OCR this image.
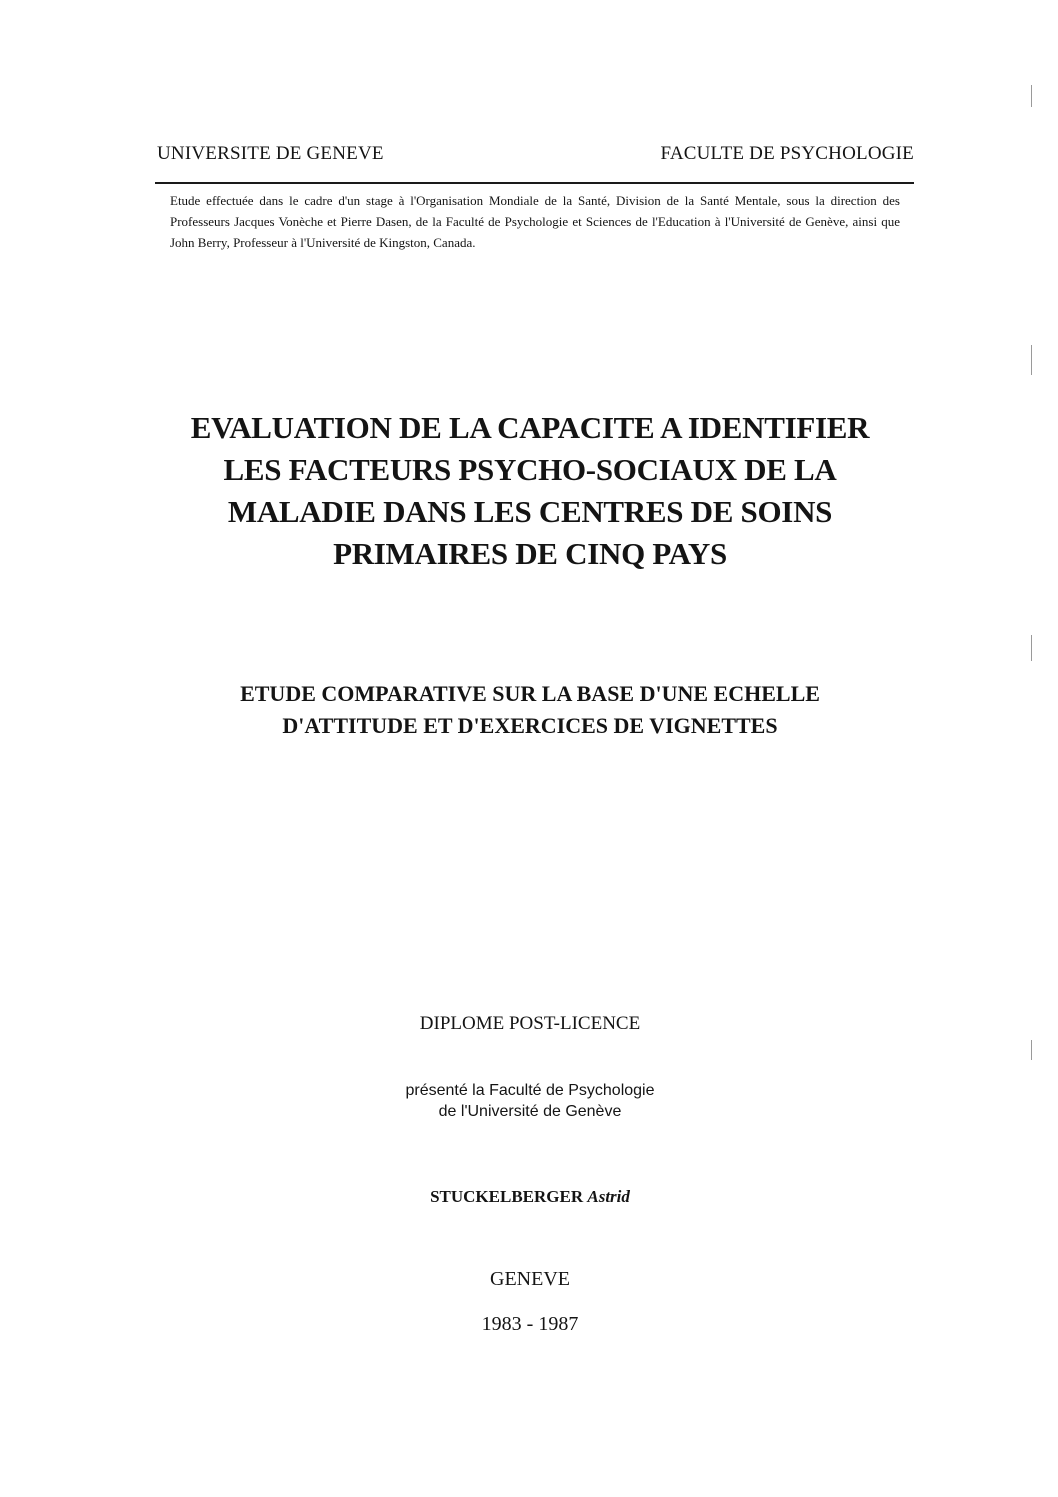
UNIVERSITE DE GENEVE	FACULTE DE PSYCHOLOGIE
Etude effectuée dans le cadre d'un stage à l'Organisation Mondiale de la Santé, Division de la Santé Mentale, sous la direction des Professeurs Jacques Vonèche et Pierre Dasen, de la Faculté de Psychologie et Sciences de l'Education à l'Université de Genève, ainsi que John Berry, Professeur à l'Université de Kingston, Canada.
EVALUATION DE LA CAPACITE A IDENTIFIER
LES FACTEURS PSYCHO-SOCIAUX DE LA
MALADIE DANS LES CENTRES DE SOINS
PRIMAIRES DE CINQ PAYS
ETUDE COMPARATIVE SUR LA BASE D'UNE ECHELLE
D'ATTITUDE ET D'EXERCICES DE VIGNETTES
DIPLOME POST-LICENCE
présenté la Faculté de Psychologie
de l'Université de Genève
STUCKELBERGER Astrid
GENEVE
1983 - 1987
